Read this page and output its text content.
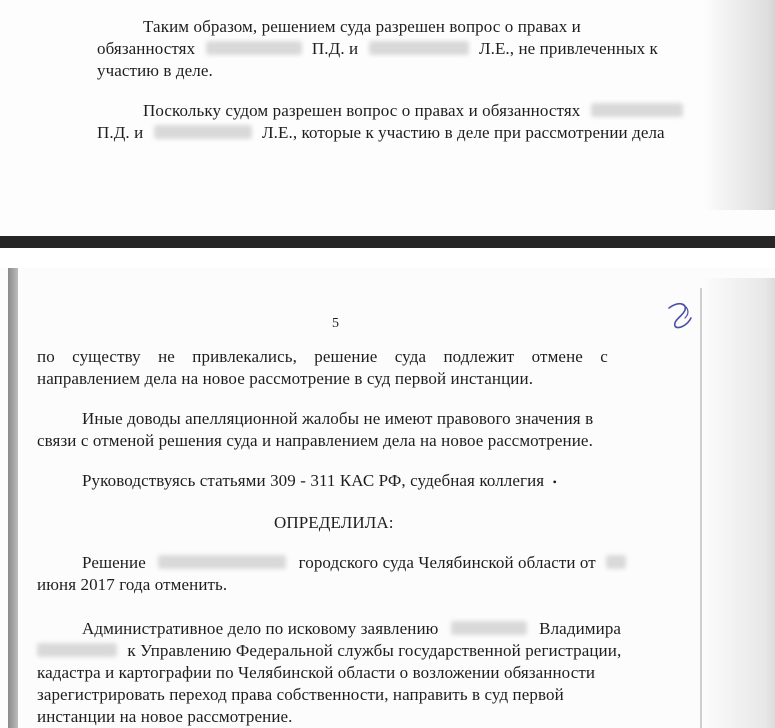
Таким образом, решением суда разрешен вопрос о правах и
обязанностях	П.Д. и	Л.Е., не привлеченных к
участию в деле.
Поскольку судом разрешен вопрос о правах и обязанностях
П.Д. и	Л.Е., которые к участию в деле при рассмотрении дела
5
по существу не привлекались, решение суда подлежит отмене с
направлением дела на новое рассмотрение в суд первой инстанции.
Иные доводы апелляционной жалобы не имеют правового значения в
связи с отменой решения суда и направлением дела на новое рассмотрение.
Руководствуясь статьями 309 - 311 КАС РФ, судебная коллегия •
ОПРЕДЕЛИЛА:
Решение	городского суда Челябинской области от
июня 2017 года отменить.
Административное дело по исковому заявлению	Владимира
к Управлению Федеральной службы государственной регистрации,
кадастра и картографии по Челябинской области о возложении обязанности
зарегистрировать переход права собственности, направить в суд первой
инстанции на новое рассмотрение.
